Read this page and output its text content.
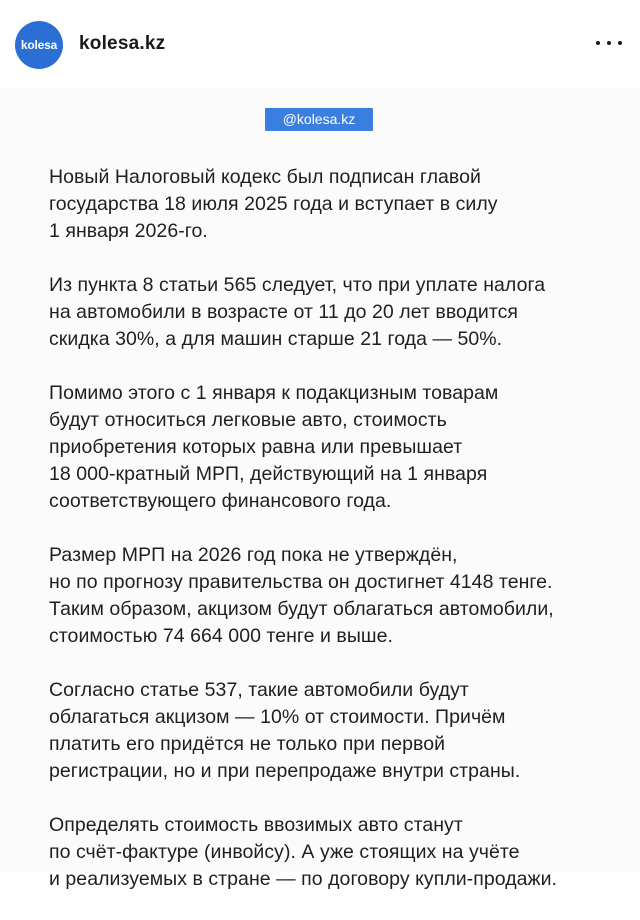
kolesa kolesa.kz
@kolesa.kz

Новый Налоговый кодекс был подписан главой
государства 18 июля 2025 года и вступает в силу
1 января 2026-го.

Из пункта 8 статьи 565 следует, что при уплате налога
на автомобили в возрасте от 11 до 20 лет вводится
скидка 30%, а для машин старше 21 года — 50%.

Помимо этого с 1 января к подакцизным товарам
будут относиться легковые авто, стоимость
приобретения которых равна или превышает
18 000-кратный МРП, действующий на 1 января
соответствующего финансового года.

Размер МРП на 2026 год пока не утверждён,
но по прогнозу правительства он достигнет 4148 тенге.
Таким образом, акцизом будут облагаться автомобили,
стоимостью 74 664 000 тенге и выше.

Согласно статье 537, такие автомобили будут
облагаться акцизом — 10% от стоимости. Причём
платить его придётся не только при первой
регистрации, но и при перепродаже внутри страны.

Определять стоимость ввозимых авто станут
по счёт-фактуре (инвойсу). А уже стоящих на учёте
и реализуемых в стране — по договору купли-продажи.
